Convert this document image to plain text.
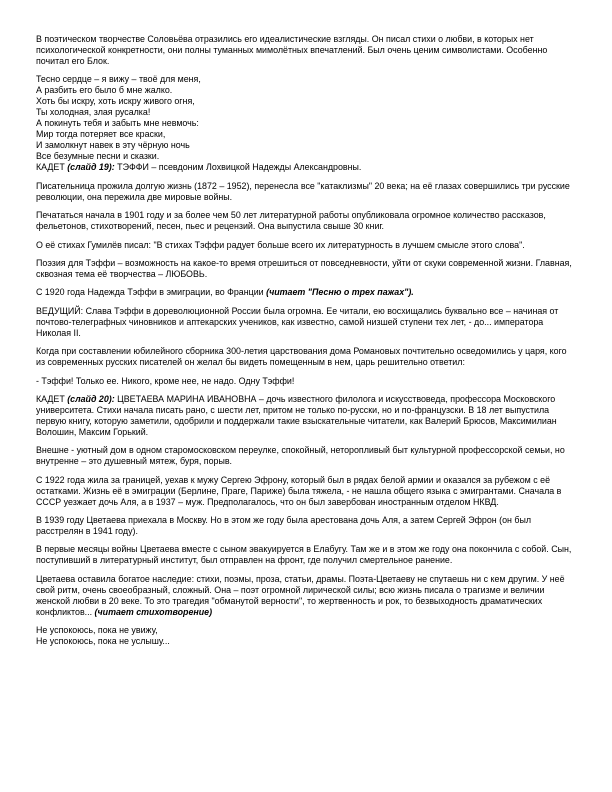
В поэтическом творчестве Соловьёва отразились его идеалистические взгляды. Он писал стихи о любви, в которых нет психологической конкретности, они полны туманных мимолётных впечатлений. Был очень ценим символистами. Особенно почитал его Блок.

Тесно сердце – я вижу – твоё для меня,
А разбить его было б мне жалко.
Хоть бы искру, хоть искру живого огня,
Ты холодная, злая русалка!
А покинуть тебя и забыть мне невмочь:
Мир тогда потеряет все краски,
И замолкнут навек в эту чёрную ночь
Все безумные песни и сказки.

КАДЕТ (слайд 19): ТЭФФИ – псевдоним Лохвицкой Надежды Александровны.

Писательница прожила долгую жизнь (1872 – 1952), перенесла все "катаклизмы" 20 века; на её глазах совершились три русские революции, она пережила две мировые войны.

Печататься начала в 1901 году и за более чем 50 лет литературной работы опубликовала огромное количество рассказов, фельетонов, стихотворений, песен, пьес и рецензий. Она выпустила свыше 30 книг.

О её стихах Гумилёв писал: "В стихах Тэффи радует больше всего их литературность в лучшем смысле этого слова".

Поэзия для Тэффи – возможность на какое-то время отрешиться от повседневности, уйти от скуки современной жизни. Главная, сквозная тема её творчества – ЛЮБОВЬ.

С 1920 года Надежда Тэффи в эмиграции, во Франции (читает "Песню о трех пажах").

ВЕДУЩИЙ: Слава Тэффи в дореволюционной России была огромна. Ее читали, ею восхищались буквально все – начиная от почтово-телеграфных чиновников и аптекарских учеников, как известно, самой низшей ступени тех лет, - до... императора Николая II.

Когда при составлении юбилейного сборника 300-летия царствования дома Романовых почтительно осведомились у царя, кого из современных русских писателей он желал бы видеть помещенным в нем, царь решительно ответил:

- Тэффи! Только ее. Никого, кроме нее, не надо. Одну Тэффи!

КАДЕТ (слайд 20): ЦВЕТАЕВА МАРИНА ИВАНОВНА – дочь известного филолога и искусствоведа, профессора Московского университета. Стихи начала писать рано, с шести лет, притом не только по-русски, но и по-французски. В 18 лет выпустила первую книгу, которую заметили, одобрили и поддержали такие взыскательные читатели, как Валерий Брюсов, Максимилиан Волошин, Максим Горький.

Внешне - уютный дом в одном старомосковском переулке, спокойный, неторопливый быт культурной профессорской семьи, но внутренне – это душевный мятеж, буря, порыв.

С 1922 года жила за границей, уехав к мужу Сергею Эфрону, который был в рядах белой армии и оказался за рубежом с её остатками. Жизнь её в эмиграции (Берлине, Праге, Париже) была тяжела, - не нашла общего языка с эмигрантами. Сначала в СССР уезжает дочь Аля, а в 1937 – муж. Предполагалось, что он был завербован иностранным отделом НКВД.

В 1939 году Цветаева приехала в Москву. Но в этом же году была арестована дочь Аля, а затем Сергей Эфрон (он был расстрелян в 1941 году).

В первые месяцы войны Цветаева вместе с сыном эвакуируется в Елабугу. Там же и в этом же году она покончила с собой. Сын, поступивший в литературный институт, был отправлен на фронт, где получил смертельное ранение.

Цветаева оставила богатое наследие: стихи, поэмы, проза, статьи, драмы. Поэта-Цветаеву не спутаешь ни с кем другим. У неё свой ритм, очень своеобразный, сложный. Она – поэт огромной лирической силы; всю жизнь писала о трагизме и величии женской любви в 20 веке. То это трагедия "обманутой верности", то жертвенность и рок, то безвыходность драматических конфликтов... (читает стихотворение)

Не успокоюсь, пока не увижу,
Не успокоюсь, пока не услышу...
